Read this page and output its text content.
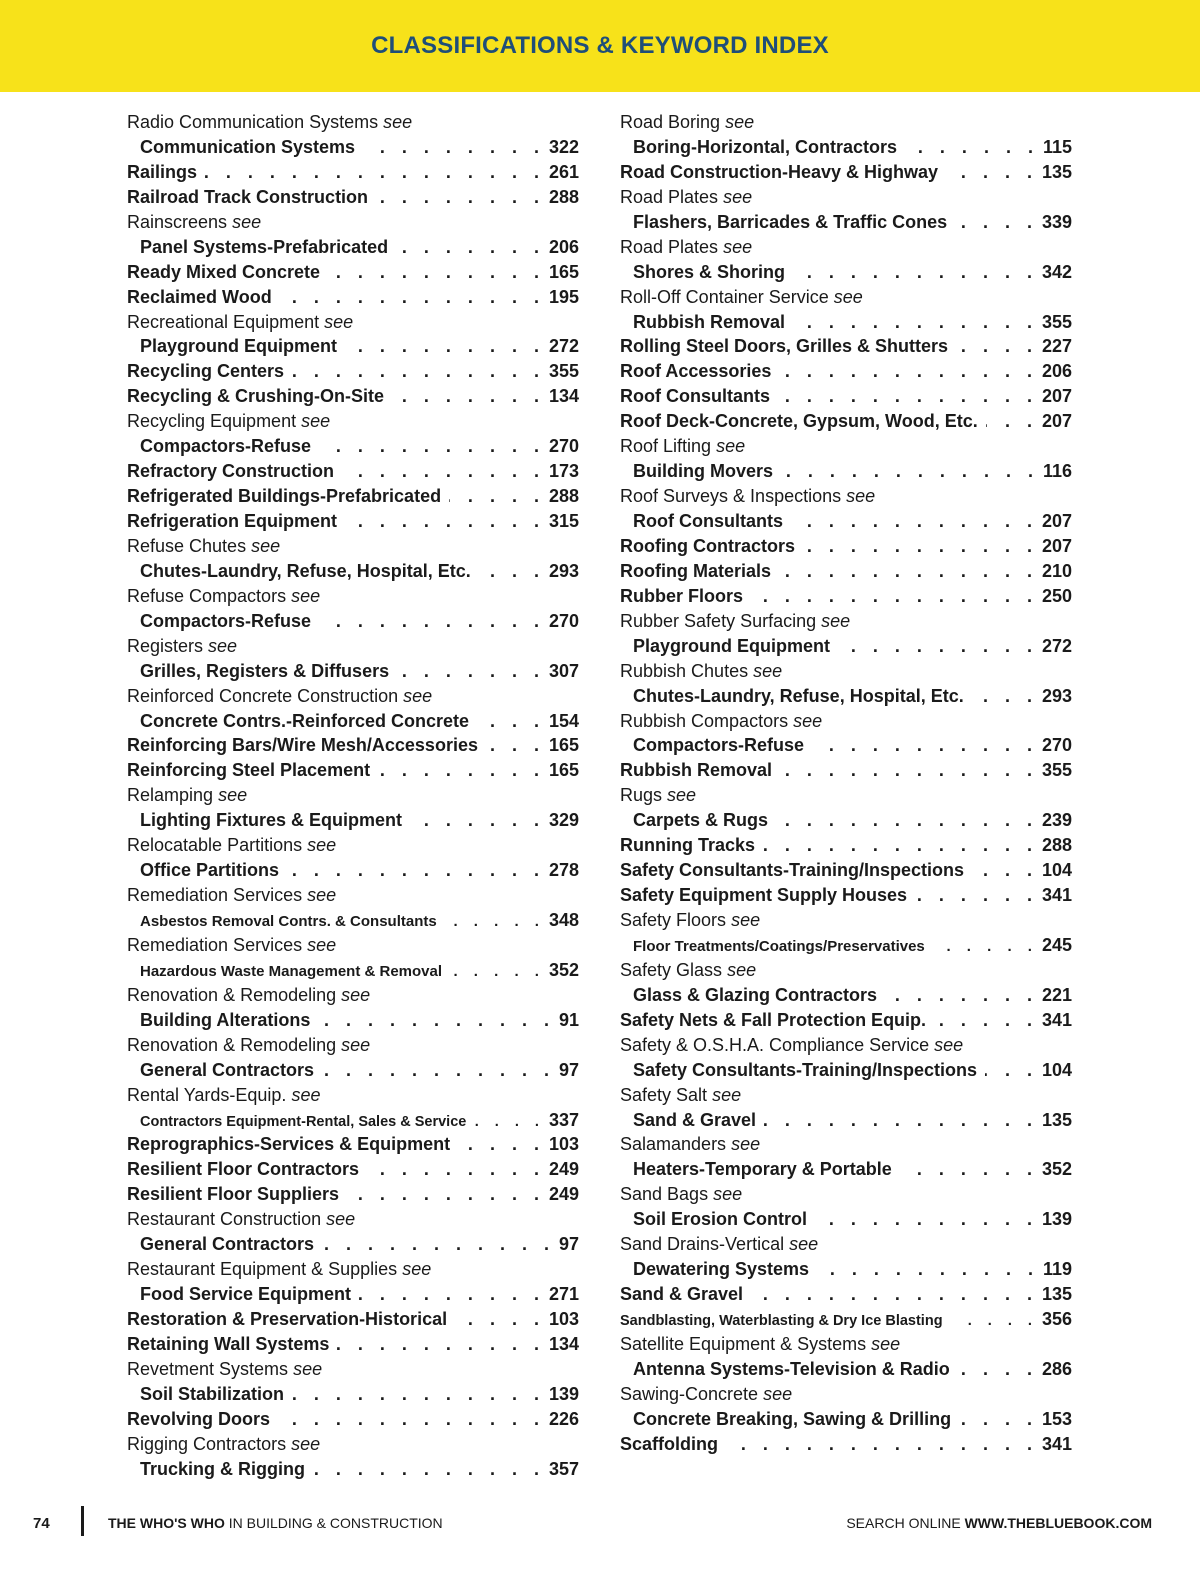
CLASSIFICATIONS & KEYWORD INDEX
Radio Communication Systems
see
Communication Systems . . .	322
Railings . . .	261
Railroad Track Construction . . .	288
Rainscreens
see
Panel Systems-Prefabricated . . .	206
Ready Mixed Concrete . . .	165
Reclaimed Wood . . .	195
Recreational Equipment
see
Playground Equipment . . .	272
Recycling Centers . . .	355
Recycling & Crushing-On-Site . . .	134
Recycling Equipment
see
Compactors-Refuse . . .	270
Refractory Construction . . .	173
Refrigerated Buildings-Prefabricated . . .	288
Refrigeration Equipment . . .	315
Refuse Chutes
see
Chutes-Laundry, Refuse, Hospital, Etc. . . .	293
Refuse Compactors
see
Compactors-Refuse . . .	270
Registers
see
Grilles, Registers & Diffusers . . .	307
Reinforced Concrete Construction
see
Concrete Contrs.-Reinforced Concrete . . .	154
Reinforcing Bars/Wire Mesh/Accessories . . .	165
Reinforcing Steel Placement . . .	165
Relamping
see
Lighting Fixtures & Equipment . . .	329
Relocatable Partitions
see
Office Partitions . . .	278
Remediation Services
see
Asbestos Removal Contrs. & Consultants . . .	348
Remediation Services
see
Hazardous Waste Management & Removal . . .	352
Renovation & Remodeling
see
Building Alterations . . .	91
Renovation & Remodeling
see
General Contractors . . .	97
Rental Yards-Equip.
see
Contractors Equipment-Rental, Sales & Service . . .	337
Reprographics-Services & Equipment . . .	103
Resilient Floor Contractors . . .	249
Resilient Floor Suppliers . . .	249
Restaurant Construction
see
General Contractors . . .	97
Restaurant Equipment & Supplies
see
Food Service Equipment . . .	271
Restoration & Preservation-Historical . . .	103
Retaining Wall Systems . . .	134
Revetment Systems
see
Soil Stabilization . . .	139
Revolving Doors . . .	226
Rigging Contractors
see
Trucking & Rigging . . .	357
Road Boring
see
Boring-Horizontal, Contractors . . .	115
Road Construction-Heavy & Highway . . .	135
Road Plates
see
Flashers, Barricades & Traffic Cones . . .	339
Road Plates
see
Shores & Shoring . . .	342
Roll-Off Container Service
see
Rubbish Removal . . .	355
Rolling Steel Doors, Grilles & Shutters . . .	227
Roof Accessories . . .	206
Roof Consultants . . .	207
Roof Deck-Concrete, Gypsum, Wood, Etc. . . .	207
Roof Lifting
see
Building Movers . . .	116
Roof Surveys & Inspections
see
Roof Consultants . . .	207
Roofing Contractors . . .	207
Roofing Materials . . .	210
Rubber Floors . . .	250
Rubber Safety Surfacing
see
Playground Equipment . . .	272
Rubbish Chutes
see
Chutes-Laundry, Refuse, Hospital, Etc. . . .	293
Rubbish Compactors
see
Compactors-Refuse . . .	270
Rubbish Removal . . .	355
Rugs
see
Carpets & Rugs . . .	239
Running Tracks . . .	288
Safety Consultants-Training/Inspections . . .	104
Safety Equipment Supply Houses . . .	341
Safety Floors
see
Floor Treatments/Coatings/Preservatives . . .	245
Safety Glass
see
Glass & Glazing Contractors . . .	221
Safety Nets & Fall Protection Equip. . . .	341
Safety & O.S.H.A. Compliance Service
see
Safety Consultants-Training/Inspections . . .	104
Safety Salt
see
Sand & Gravel . . .	135
Salamanders
see
Heaters-Temporary & Portable . . .	352
Sand Bags
see
Soil Erosion Control . . .	139
Sand Drains-Vertical
see
Dewatering Systems . . .	119
Sand & Gravel . . .	135
Sandblasting, Waterblasting & Dry Ice Blasting . . .	356
Satellite Equipment & Systems
see
Antenna Systems-Television & Radio . . .	286
Sawing-Concrete
see
Concrete Breaking, Sawing & Drilling . . .	153
Scaffolding . . .	341
74	THE WHO'S WHO IN BUILDING & CONSTRUCTION	SEARCH ONLINE WWW.THEBLUEBOOK.COM
